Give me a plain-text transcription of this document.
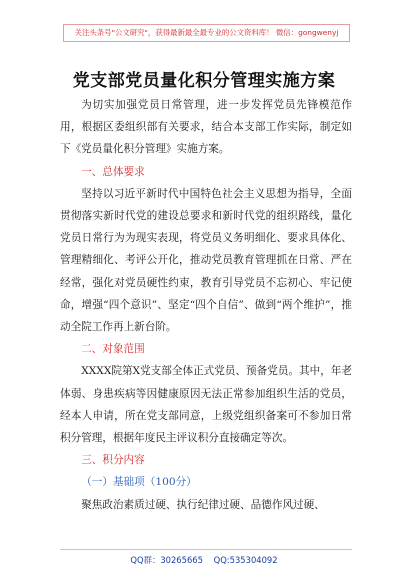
关注头条号"公文研究"，获得最新最全最专业的公文资料库！ 微信：gongwenyj
党支部党员量化积分管理实施方案

为切实加强党员日常管理，进一步发挥党员先锋模范作用，根据区委组织部有关要求，结合本支部工作实际，制定如下《党员量化积分管理》实施方案。

一、总体要求

坚持以习近平新时代中国特色社会主义思想为指导，全面贯彻落实新时代党的建设总要求和新时代党的组织路线，量化党员日常行为为现实表现，将党员义务明细化、要求具体化、管理精细化、考评公开化，推动党员教育管理抓在日常、严在经常，强化对党员硬性约束，教育引导党员不忘初心、牢记使命，增强“四个意识”、坚定“四个自信”、做到“两个维护”，推动全院工作再上新台阶。

二、对象范围

XXXX院第X党支部全体正式党员、预备党员。其中，年老体弱、身患疾病等因健康原因无法正常参加组织生活的党员，经本人申请，所在党支部同意，上级党组织备案可不参加日常积分管理，根据年度民主评议积分直接确定等次。

三、积分内容

（一）基础项（100分）

聚焦政治素质过硬、执行纪律过硬、品德作风过硬、

QQ群：30265665 QQ:535304092
